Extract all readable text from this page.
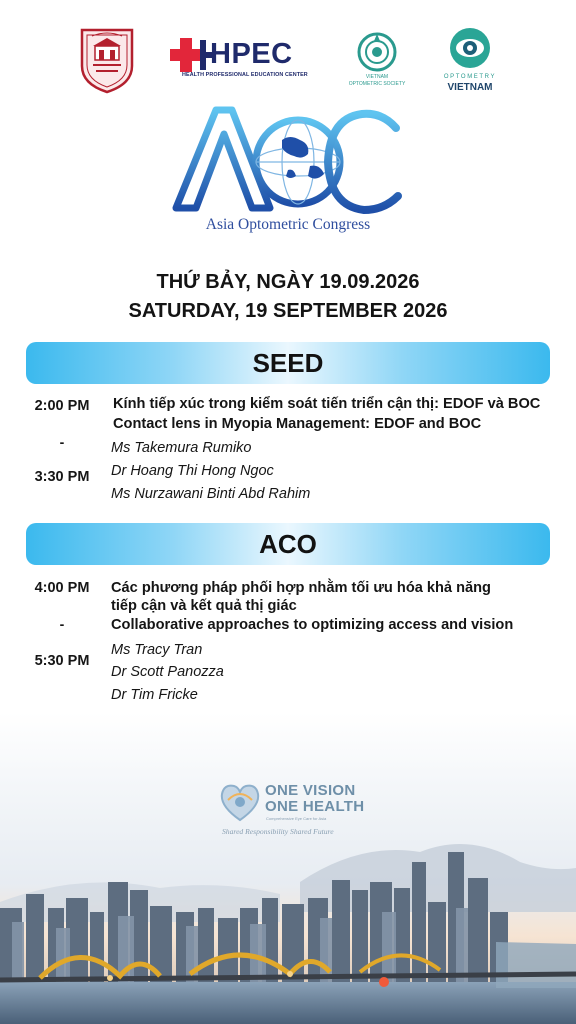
HPEC
HEALTH PROFESSIONAL EDUCATION CENTER	VIETNAM
OPTOMETRIC SOCIETY
OPTOMETRY
VIETNAM
Asia Optometric Congress
THỨ BẢY, NGÀY 19.09.2026
SATURDAY, 19 SEPTEMBER 2026
SEED
2:00 PM
-
3:30 PM
Kính tiếp xúc trong kiểm soát tiến triển cận thị: EDOF và BOC
Contact lens in Myopia Management: EDOF and BOC
Ms Takemura Rumiko
Dr Hoang Thi Hong Ngoc
Ms Nurzawani Binti Abd Rahim
ACO
4:00 PM
-
5:30 PM
Các phương pháp phối hợp nhằm tối ưu hóa khả năng
tiếp cận và kết quả thị giác
Collaborative approaches to optimizing access and vision
Ms Tracy Tran
Dr Scott Panozza
Dr Tim Fricke
ONE VISION
ONE HEALTH
Comprehensive Eye Care for Asia
Shared Responsibility Shared Future
